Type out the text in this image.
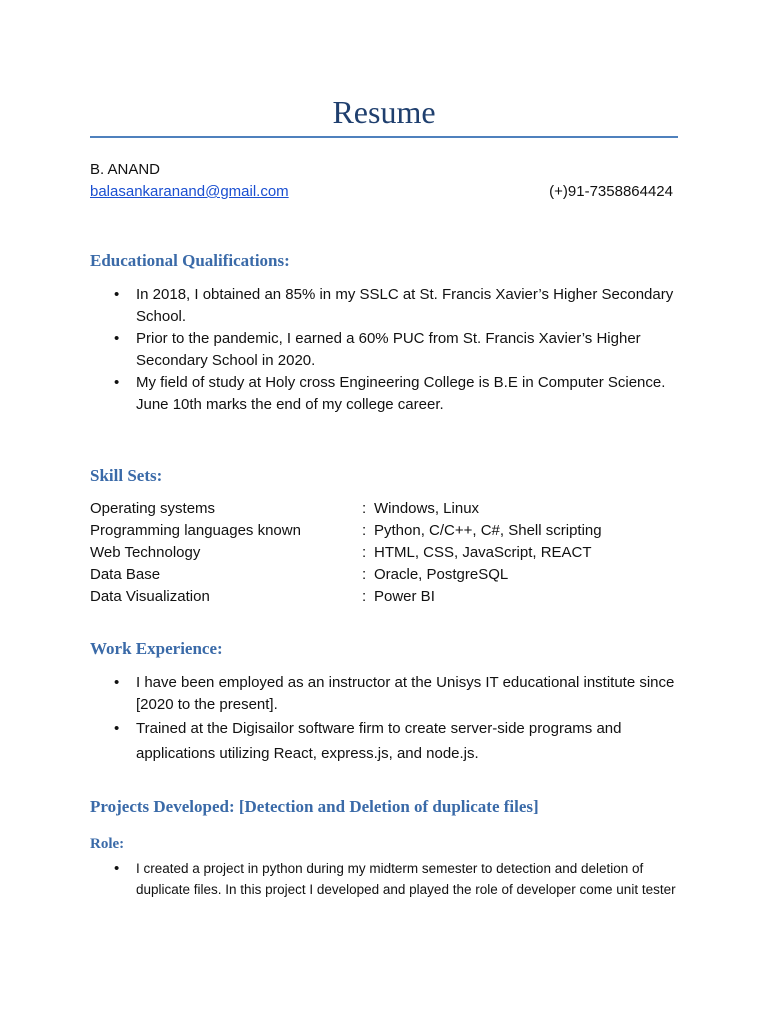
Resume
B. ANAND
balasankaranand@gmail.com	(+)91-7358864424
Educational Qualifications:
• In 2018, I obtained an 85% in my SSLC at St. Francis Xavier’s Higher Secondary School.
• Prior to the pandemic, I earned a 60% PUC from St. Francis Xavier’s Higher Secondary School in 2020.
• My field of study at Holy cross Engineering College is B.E in Computer Science. June 10th marks the end of my college career.
Skill Sets:
Operating systems	: Windows, Linux
Programming languages known	: Python, C/C++, C#, Shell scripting
Web Technology	: HTML, CSS, JavaScript, REACT
Data Base	: Oracle, PostgreSQL
Data Visualization	: Power BI
Work Experience:
• I have been employed as an instructor at the Unisys IT educational institute since [2020 to the present].
• Trained at the Digisailor software firm to create server-side programs and applications utilizing React, express.js, and node.js.
Projects Developed: [Detection and Deletion of duplicate files]
Role:
• I created a project in python during my midterm semester to detection and deletion of duplicate files. In this project I developed and played the role of developer come unit tester
